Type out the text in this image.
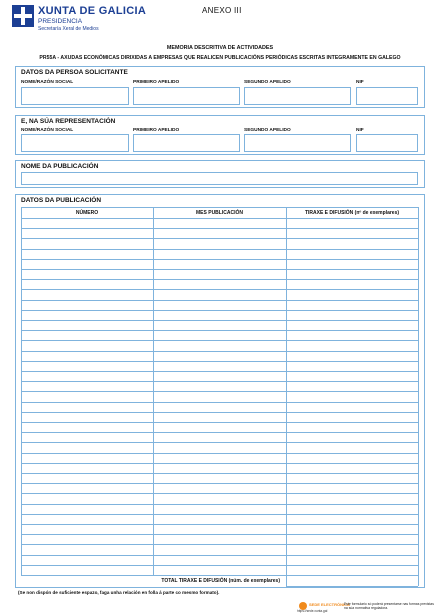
XUNTA DE GALICIA
PRESIDENCIA
Secretaría Xeral de Medios
ANEXO III
MEMORIA DESCRITIVA DE ACTIVIDADES
PR55A - AXUDAS ECONÓMICAS DIRIXIDAS A EMPRESAS QUE REALICEN PUBLICACIÓNS PERIÓDICAS ESCRITAS INTEGRAMENTE EN GALEGO
DATOS DA PERSOA SOLICITANTE
NOME/RAZÓN SOCIAL	PRIMEIRO APELIDO	SEGUNDO APELIDO	NIF
E, NA SÚA REPRESENTACIÓN
NOME/RAZÓN SOCIAL	PRIMEIRO APELIDO	SEGUNDO APELIDO	NIF
NOME DA PUBLICACIÓN
DATOS DA PUBLICACIÓN
NÚMERO	MES PUBLICACIÓN	TIRAXE E DIFUSIÓN (nº de exemplares)
TOTAL TIRAXE E DIFUSIÓN (núm. de exemplares)
(Se non dispón de suficiente espazo, faga unha relación en folla á parte co mesmo formato).
SEDE ELECTRÓNICA
https://sede.xunta.gal
Este formulario só poderá presentarse nas formas previstas na súa normativa reguladora.
